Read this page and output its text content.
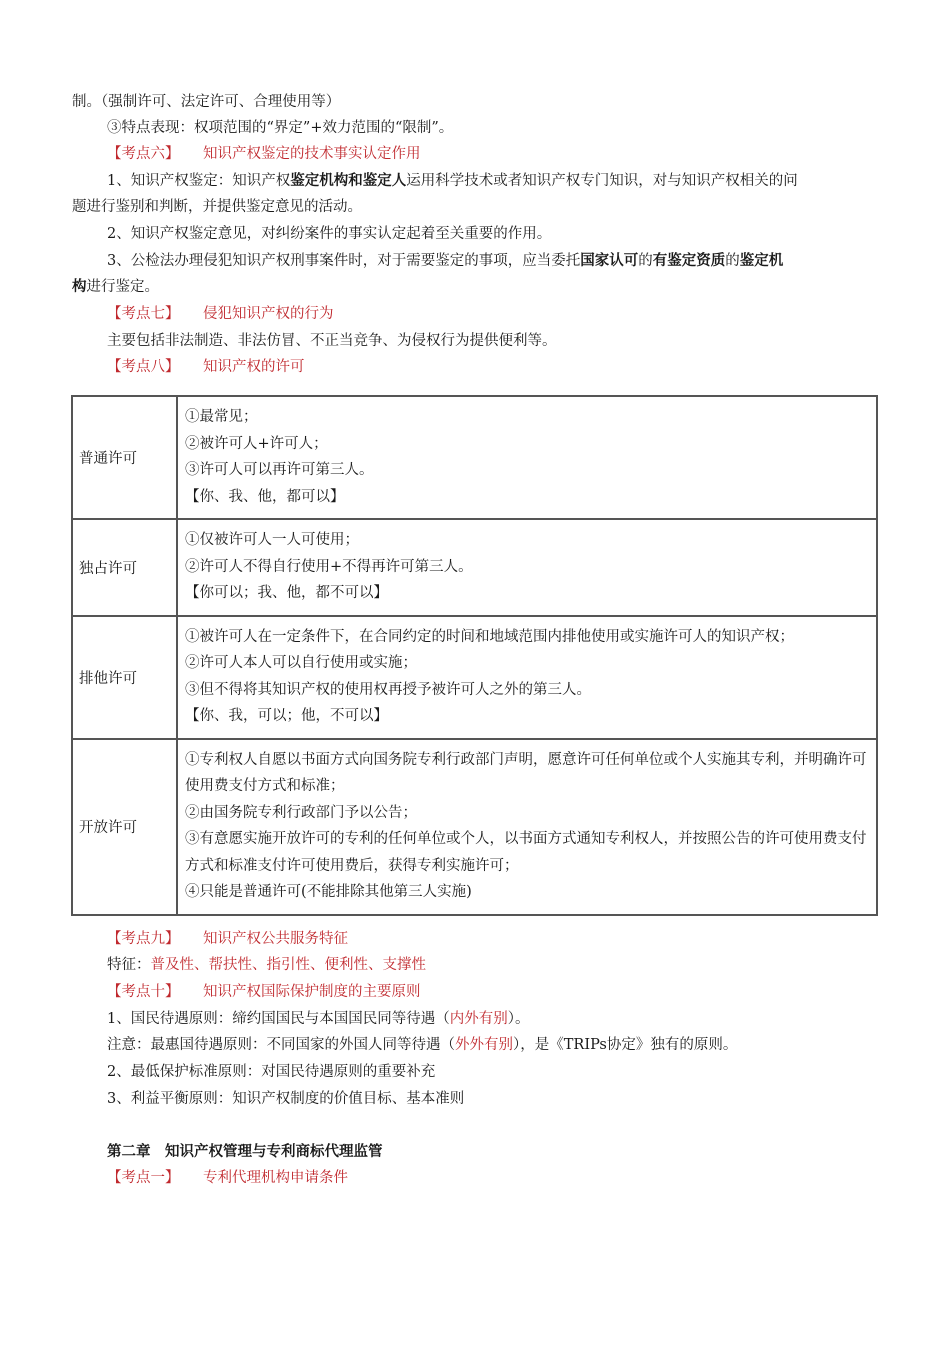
制。（强制许可、法定许可、合理使用等）
③特点表现：权项范围的“界定”+效力范围的“限制”。
【考点六】 知识产权鉴定的技术事实认定作用
1、知识产权鉴定：知识产权鉴定机构和鉴定人运用科学技术或者知识产权专门知识，对与知识产权相关的问
题进行鉴别和判断，并提供鉴定意见的活动。
2、知识产权鉴定意见，对纠纷案件的事实认定起着至关重要的作用。
3、公检法办理侵犯知识产权刑事案件时，对于需要鉴定的事项，应当委托国家认可的有鉴定资质的鉴定机
构进行鉴定。
【考点七】 侵犯知识产权的行为
主要包括非法制造、非法仿冒、不正当竞争、为侵权行为提供便利等。
【考点八】 知识产权的许可
普通许可	①最常见；
②被许可人+许可人；
③许可人可以再许可第三人。
【你、我、他，都可以】

独占许可	①仅被许可人一人可使用；
②许可人不得自行使用+不得再许可第三人。
【你可以；我、他，都不可以】

排他许可	①被许可人在一定条件下，在合同约定的时间和地域范围内排他使用或实施许可人的知识产权；
②许可人本人可以自行使用或实施；
③但不得将其知识产权的使用权再授予被许可人之外的第三人。
【你、我，可以；他，不可以】

开放许可	①专利权人自愿以书面方式向国务院专利行政部门声明，愿意许可任何单位或个人实施其专利，并明确许可使用费支付方式和标准；
②由国务院专利行政部门予以公告；
③有意愿实施开放许可的专利的任何单位或个人，以书面方式通知专利权人，并按照公告的许可使用费支付方式和标准支付许可使用费后，获得专利实施许可；
④只能是普通许可(不能排除其他第三人实施)
【考点九】 知识产权公共服务特征
特征：普及性、帮扶性、指引性、便利性、支撑性
【考点十】 知识产权国际保护制度的主要原则
1、国民待遇原则：缔约国国民与本国国民同等待遇（内外有别）。
注意：最惠国待遇原则：不同国家的外国人同等待遇（外外有别），是《TRIPs协定》独有的原则。
2、最低保护标准原则：对国民待遇原则的重要补充
3、利益平衡原则：知识产权制度的价值目标、基本准则
第二章　知识产权管理与专利商标代理监管
【考点一】 专利代理机构申请条件
